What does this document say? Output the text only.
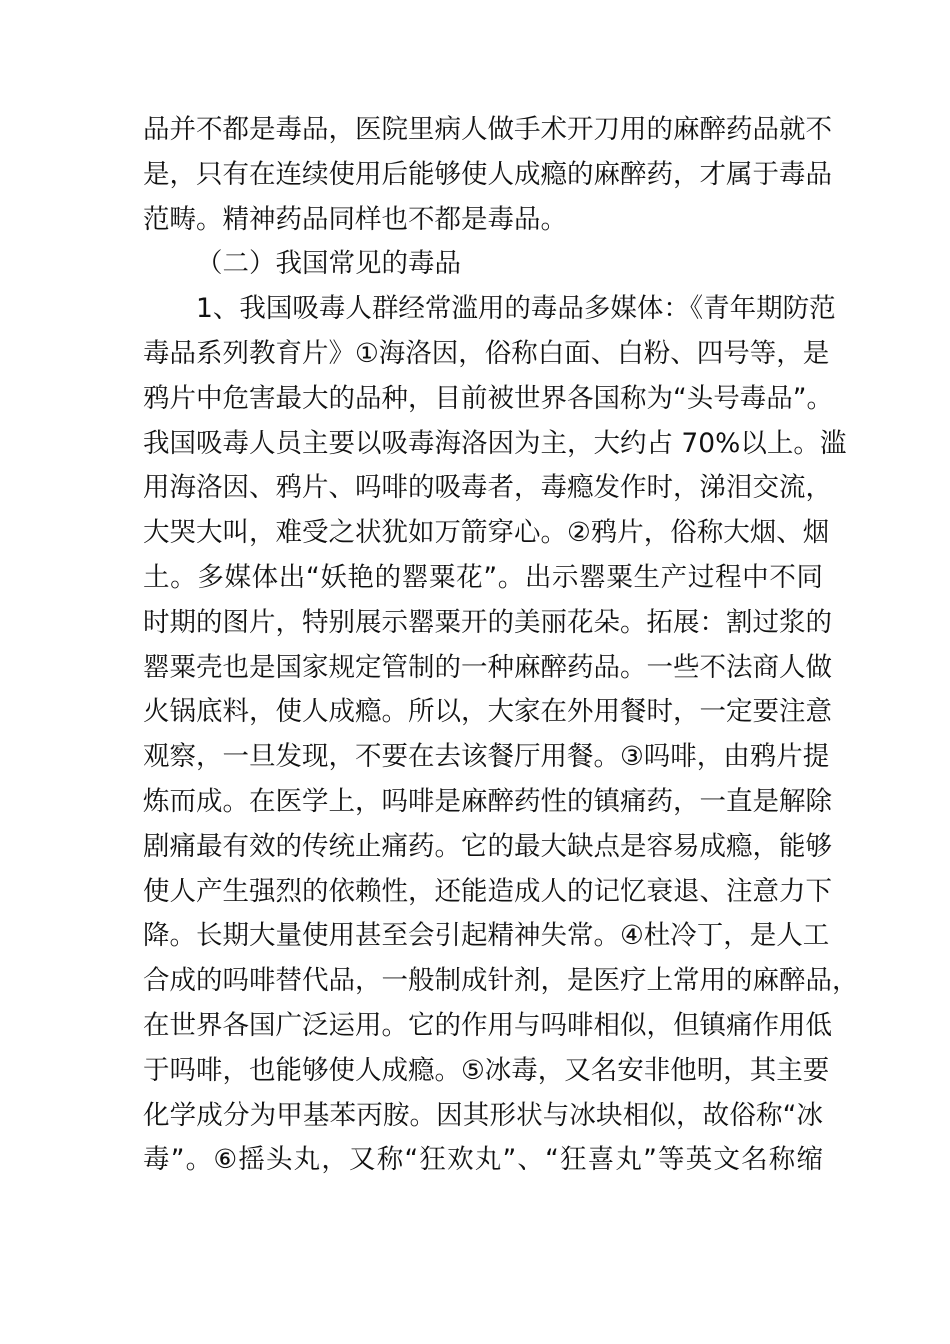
品并不都是毒品，医院里病人做手术开刀用的麻醉药品就不
是，只有在连续使用后能够使人成瘾的麻醉药，才属于毒品
范畴。精神药品同样也不都是毒品。
（二）我国常见的毒品
1、我国吸毒人群经常滥用的毒品多媒体：《青年期防范
毒品系列教育片》①海洛因，俗称白面、白粉、四号等，是
鸦片中危害最大的品种，目前被世界各国称为“头号毒品”。
我国吸毒人员主要以吸毒海洛因为主，大约占 70%以上。滥
用海洛因、鸦片、吗啡的吸毒者，毒瘾发作时，涕泪交流，
大哭大叫，难受之状犹如万箭穿心。②鸦片，俗称大烟、烟
土。多媒体出“妖艳的罂粟花”。出示罂粟生产过程中不同
时期的图片，特别展示罂粟开的美丽花朵。拓展：割过浆的
罂粟壳也是国家规定管制的一种麻醉药品。一些不法商人做
火锅底料，使人成瘾。所以，大家在外用餐时，一定要注意
观察，一旦发现，不要在去该餐厅用餐。③吗啡，由鸦片提
炼而成。在医学上，吗啡是麻醉药性的镇痛药，一直是解除
剧痛最有效的传统止痛药。它的最大缺点是容易成瘾，能够
使人产生强烈的依赖性，还能造成人的记忆衰退、注意力下
降。长期大量使用甚至会引起精神失常。④杜冷丁，是人工
合成的吗啡替代品，一般制成针剂，是医疗上常用的麻醉品，
在世界各国广泛运用。它的作用与吗啡相似，但镇痛作用低
于吗啡，也能够使人成瘾。⑤冰毒，又名安非他明，其主要
化学成分为甲基苯丙胺。因其形状与冰块相似，故俗称“冰
毒”。⑥摇头丸，又称“狂欢丸”、“狂喜丸”等英文名称缩
